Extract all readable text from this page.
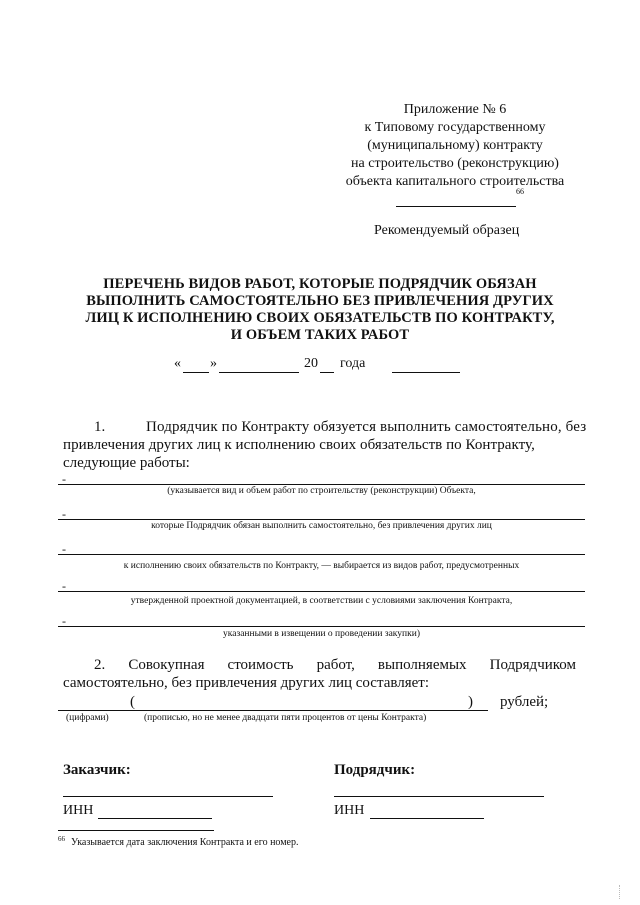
Приложение № 6
к Типовому государственному
(муниципальному) контракту
на строительство (реконструкцию)
объекта капитального строительства
66
Рекомендуемый образец
ПЕРЕЧЕНЬ ВИДОВ РАБОТ, КОТОРЫЕ ПОДРЯДЧИК ОБЯЗАН
ВЫПОЛНИТЬ САМОСТОЯТЕЛЬНО БЕЗ ПРИВЛЕЧЕНИЯ ДРУГИХ
ЛИЦ К ИСПОЛНЕНИЮ СВОИХ ОБЯЗАТЕЛЬСТВ ПО КОНТРАКТУ,
И ОБЪЕМ ТАКИХ РАБОТ
« »	20 года
1.	Подрядчик по Контракту обязуется выполнить самостоятельно, без
привлечения других лиц к исполнению своих обязательств по Контракту,
следующие работы:
-
(указывается вид и объем работ по строительству (реконструкции) Объекта,
-
которые Подрядчик обязан выполнить самостоятельно, без привлечения других лиц
-
к исполнению своих обязательств по Контракту, — выбирается из видов работ, предусмотренных
-
утвержденной проектной документацией, в соответствии с условиями заключения Контракта,
-
указанными в извещении о проведении закупки)
2. Совокупная стоимость работ, выполняемых Подрядчиком
самостоятельно, без привлечения других лиц составляет:
(	) рублей;
(цифрами)	(прописью, но не менее двадцати пяти процентов от цены Контракта)
Заказчик:
ИНН
Подрядчик:
ИНН
66 Указывается дата заключения Контракта и его номер.
